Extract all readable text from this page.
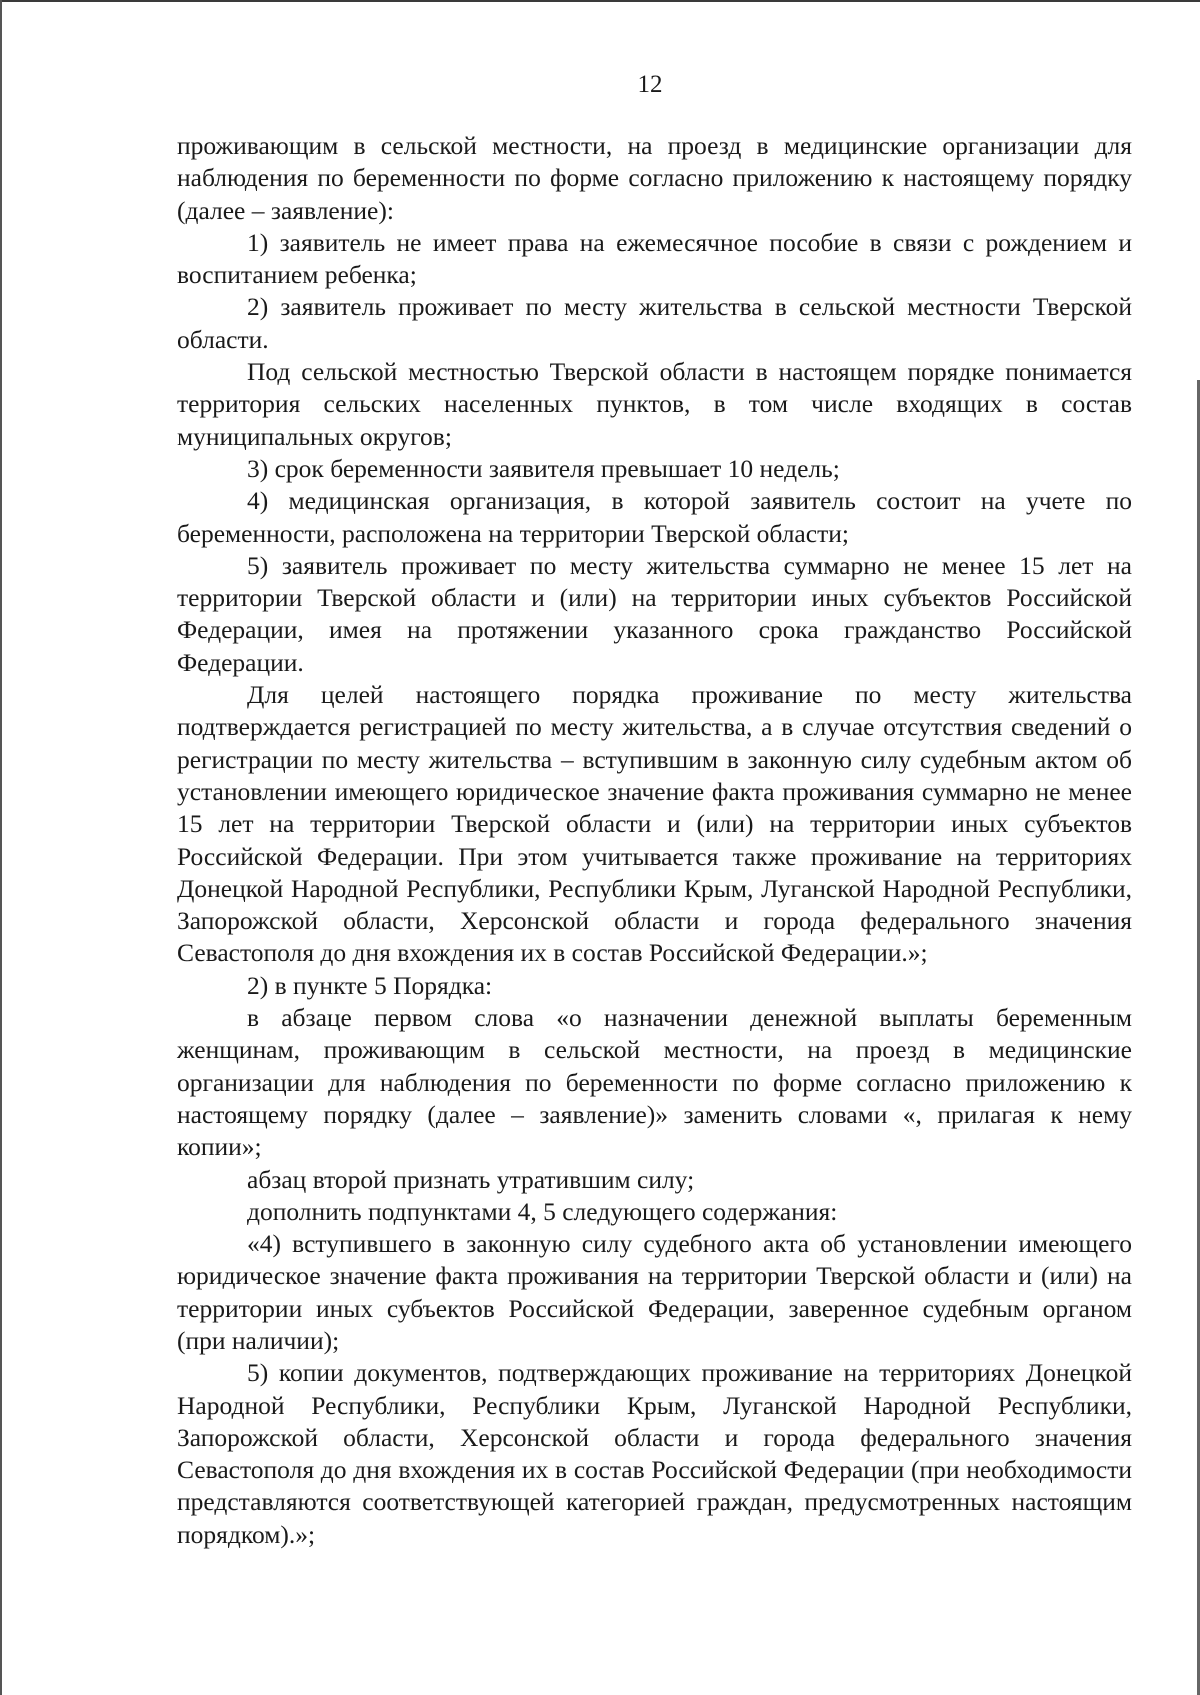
12

проживающим в сельской местности, на проезд в медицинские организации для наблюдения по беременности по форме согласно приложению к настоящему порядку (далее – заявление):

1) заявитель не имеет права на ежемесячное пособие в связи с рождением и воспитанием ребенка;

2) заявитель проживает по месту жительства в сельской местности Тверской области.

Под сельской местностью Тверской области в настоящем порядке понимается территория сельских населенных пунктов, в том числе входящих в состав муниципальных округов;

3) срок беременности заявителя превышает 10 недель;

4) медицинская организация, в которой заявитель состоит на учете по беременности, расположена на территории Тверской области;

5) заявитель проживает по месту жительства суммарно не менее 15 лет на территории Тверской области и (или) на территории иных субъектов Российской Федерации, имея на протяжении указанного срока гражданство Российской Федерации.

Для целей настоящего порядка проживание по месту жительства подтверждается регистрацией по месту жительства, а в случае отсутствия сведений о регистрации по месту жительства – вступившим в законную силу судебным актом об установлении имеющего юридическое значение факта проживания суммарно не менее 15 лет на территории Тверской области и (или) на территории иных субъектов Российской Федерации. При этом учитывается также проживание на территориях Донецкой Народной Республики, Республики Крым, Луганской Народной Республики, Запорожской области, Херсонской области и города федерального значения Севастополя до дня вхождения их в состав Российской Федерации.»;

2) в пункте 5 Порядка:

в абзаце первом слова «о назначении денежной выплаты беременным женщинам, проживающим в сельской местности, на проезд в медицинские организации для наблюдения по беременности по форме согласно приложению к настоящему порядку (далее – заявление)» заменить словами «, прилагая к нему копии»;

абзац второй признать утратившим силу;

дополнить подпунктами 4, 5 следующего содержания:

«4) вступившего в законную силу судебного акта об установлении имеющего юридическое значение факта проживания на территории Тверской области и (или) на территории иных субъектов Российской Федерации, заверенное судебным органом (при наличии);

5) копии документов, подтверждающих проживание на территориях Донецкой Народной Республики, Республики Крым, Луганской Народной Республики, Запорожской области, Херсонской области и города федерального значения Севастополя до дня вхождения их в состав Российской Федерации (при необходимости представляются соответствующей категорией граждан, предусмотренных настоящим порядком).»;
